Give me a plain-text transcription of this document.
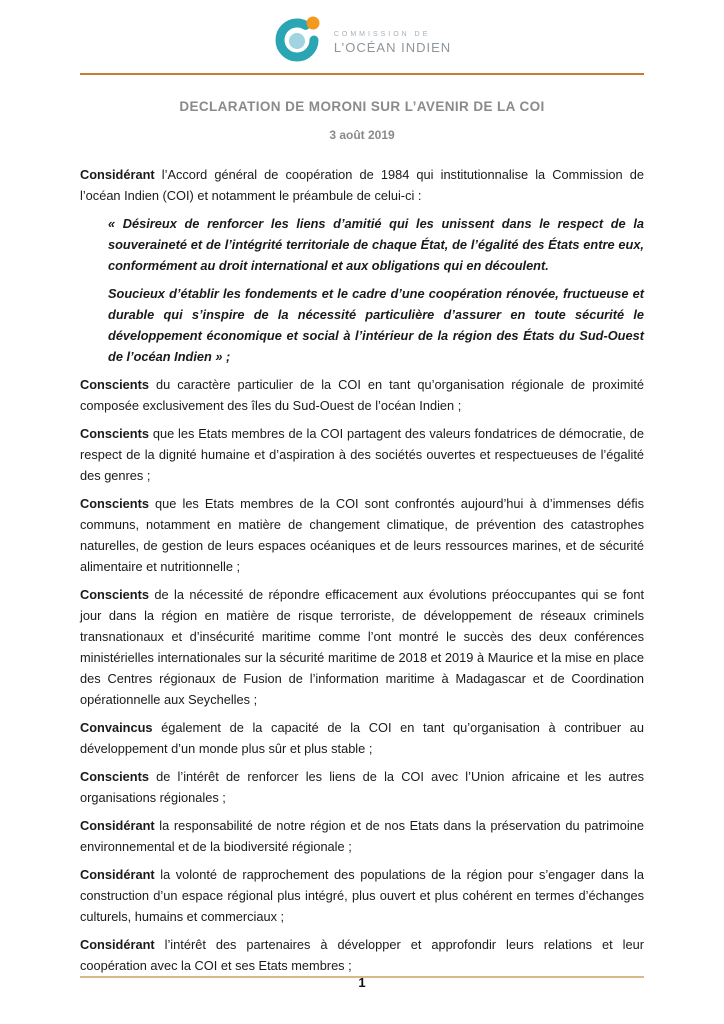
COMMISSION DE
L’OCÉAN INDIEN
DECLARATION DE MORONI SUR L’AVENIR DE LA COI
3 août 2019

Considérant l’Accord général de coopération de 1984 qui institutionnalise la Commission de l’océan Indien (COI) et notamment le préambule de celui-ci :

« Désireux de renforcer les liens d’amitié qui les unissent dans le respect de la souveraineté et de l’intégrité territoriale de chaque État, de l’égalité des États entre eux, conformément au droit international et aux obligations qui en découlent.

Soucieux d’établir les fondements et le cadre d’une coopération rénovée, fructueuse et durable qui s’inspire de la nécessité particulière d’assurer en toute sécurité le développement économique et social à l’intérieur de la région des États du Sud-Ouest de l’océan Indien » ;

Conscients du caractère particulier de la COI en tant qu’organisation régionale de proximité composée exclusivement des îles du Sud-Ouest de l’océan Indien ;

Conscients que les Etats membres de la COI partagent des valeurs fondatrices de démocratie, de respect de la dignité humaine et d’aspiration à des sociétés ouvertes et respectueuses de l’égalité des genres ;

Conscients que les Etats membres de la COI sont confrontés aujourd’hui à d’immenses défis communs, notamment en matière de changement climatique, de prévention des catastrophes naturelles, de gestion de leurs espaces océaniques et de leurs ressources marines, et de sécurité alimentaire et nutritionnelle ;

Conscients de la nécessité de répondre efficacement aux évolutions préoccupantes qui se font jour dans la région en matière de risque terroriste, de développement de réseaux criminels transnationaux et d’insécurité maritime comme l’ont montré le succès des deux conférences ministérielles internationales sur la sécurité maritime de 2018 et 2019 à Maurice et la mise en place des Centres régionaux de Fusion de l’information maritime à Madagascar et de Coordination opérationnelle aux Seychelles ;

Convaincus également de la capacité de la COI en tant qu’organisation à contribuer au développement d’un monde plus sûr et plus stable ;

Conscients de l’intérêt de renforcer les liens de la COI avec l’Union africaine et les autres organisations régionales ;

Considérant la responsabilité de notre région et de nos Etats dans la préservation du patrimoine environnemental et de la biodiversité régionale ;

Considérant la volonté de rapprochement des populations de la région pour s’engager dans la construction d’un espace régional plus intégré, plus ouvert et plus cohérent en termes d’échanges culturels, humains et commerciaux ;

Considérant l’intérêt des partenaires à développer et approfondir leurs relations et leur coopération avec la COI et ses Etats membres ;

1
